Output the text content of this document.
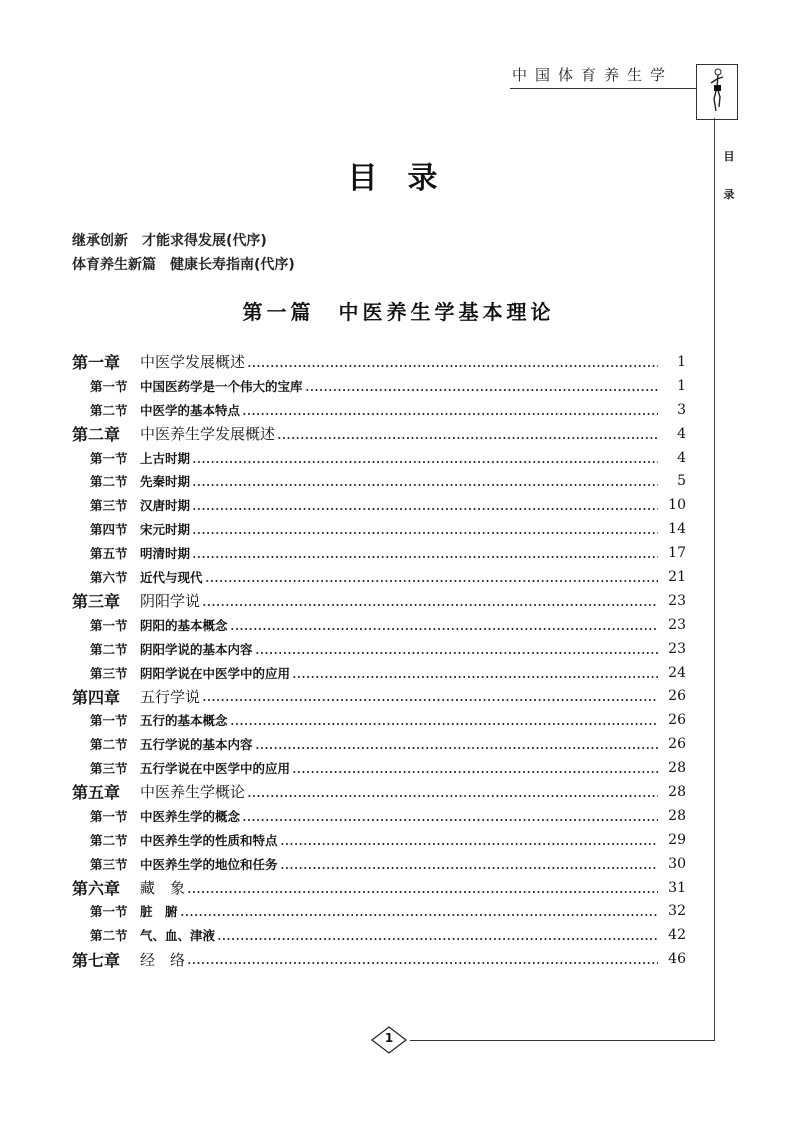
中国体育养生学
目
录
目录
继承创新　才能求得发展(代序)
体育养生新篇　健康长寿指南(代序)
第一篇　中医养生学基本理论
第一章	中医学发展概述	1
第一节 中国医药学是一个伟大的宝库	1
第二节 中医学的基本特点	3
第二章	中医养生学发展概述	4
第一节 上古时期	4
第二节 先秦时期	5
第三节 汉唐时期	10
第四节 宋元时期	14
第五节 明清时期	17
第六节 近代与现代	21
第三章	阴阳学说	23
第一节 阴阳的基本概念	23
第二节 阴阳学说的基本内容	23
第三节 阴阳学说在中医学中的应用	24
第四章	五行学说	26
第一节 五行的基本概念	26
第二节 五行学说的基本内容	26
第三节 五行学说在中医学中的应用	28
第五章	中医养生学概论	28
第一节 中医养生学的概念	28
第二节 中医养生学的性质和特点	29
第三节 中医养生学的地位和任务	30
第六章	藏　象	31
第一节 脏　腑	32
第二节 气、血、津液	42
第七章	经　络	46
1
